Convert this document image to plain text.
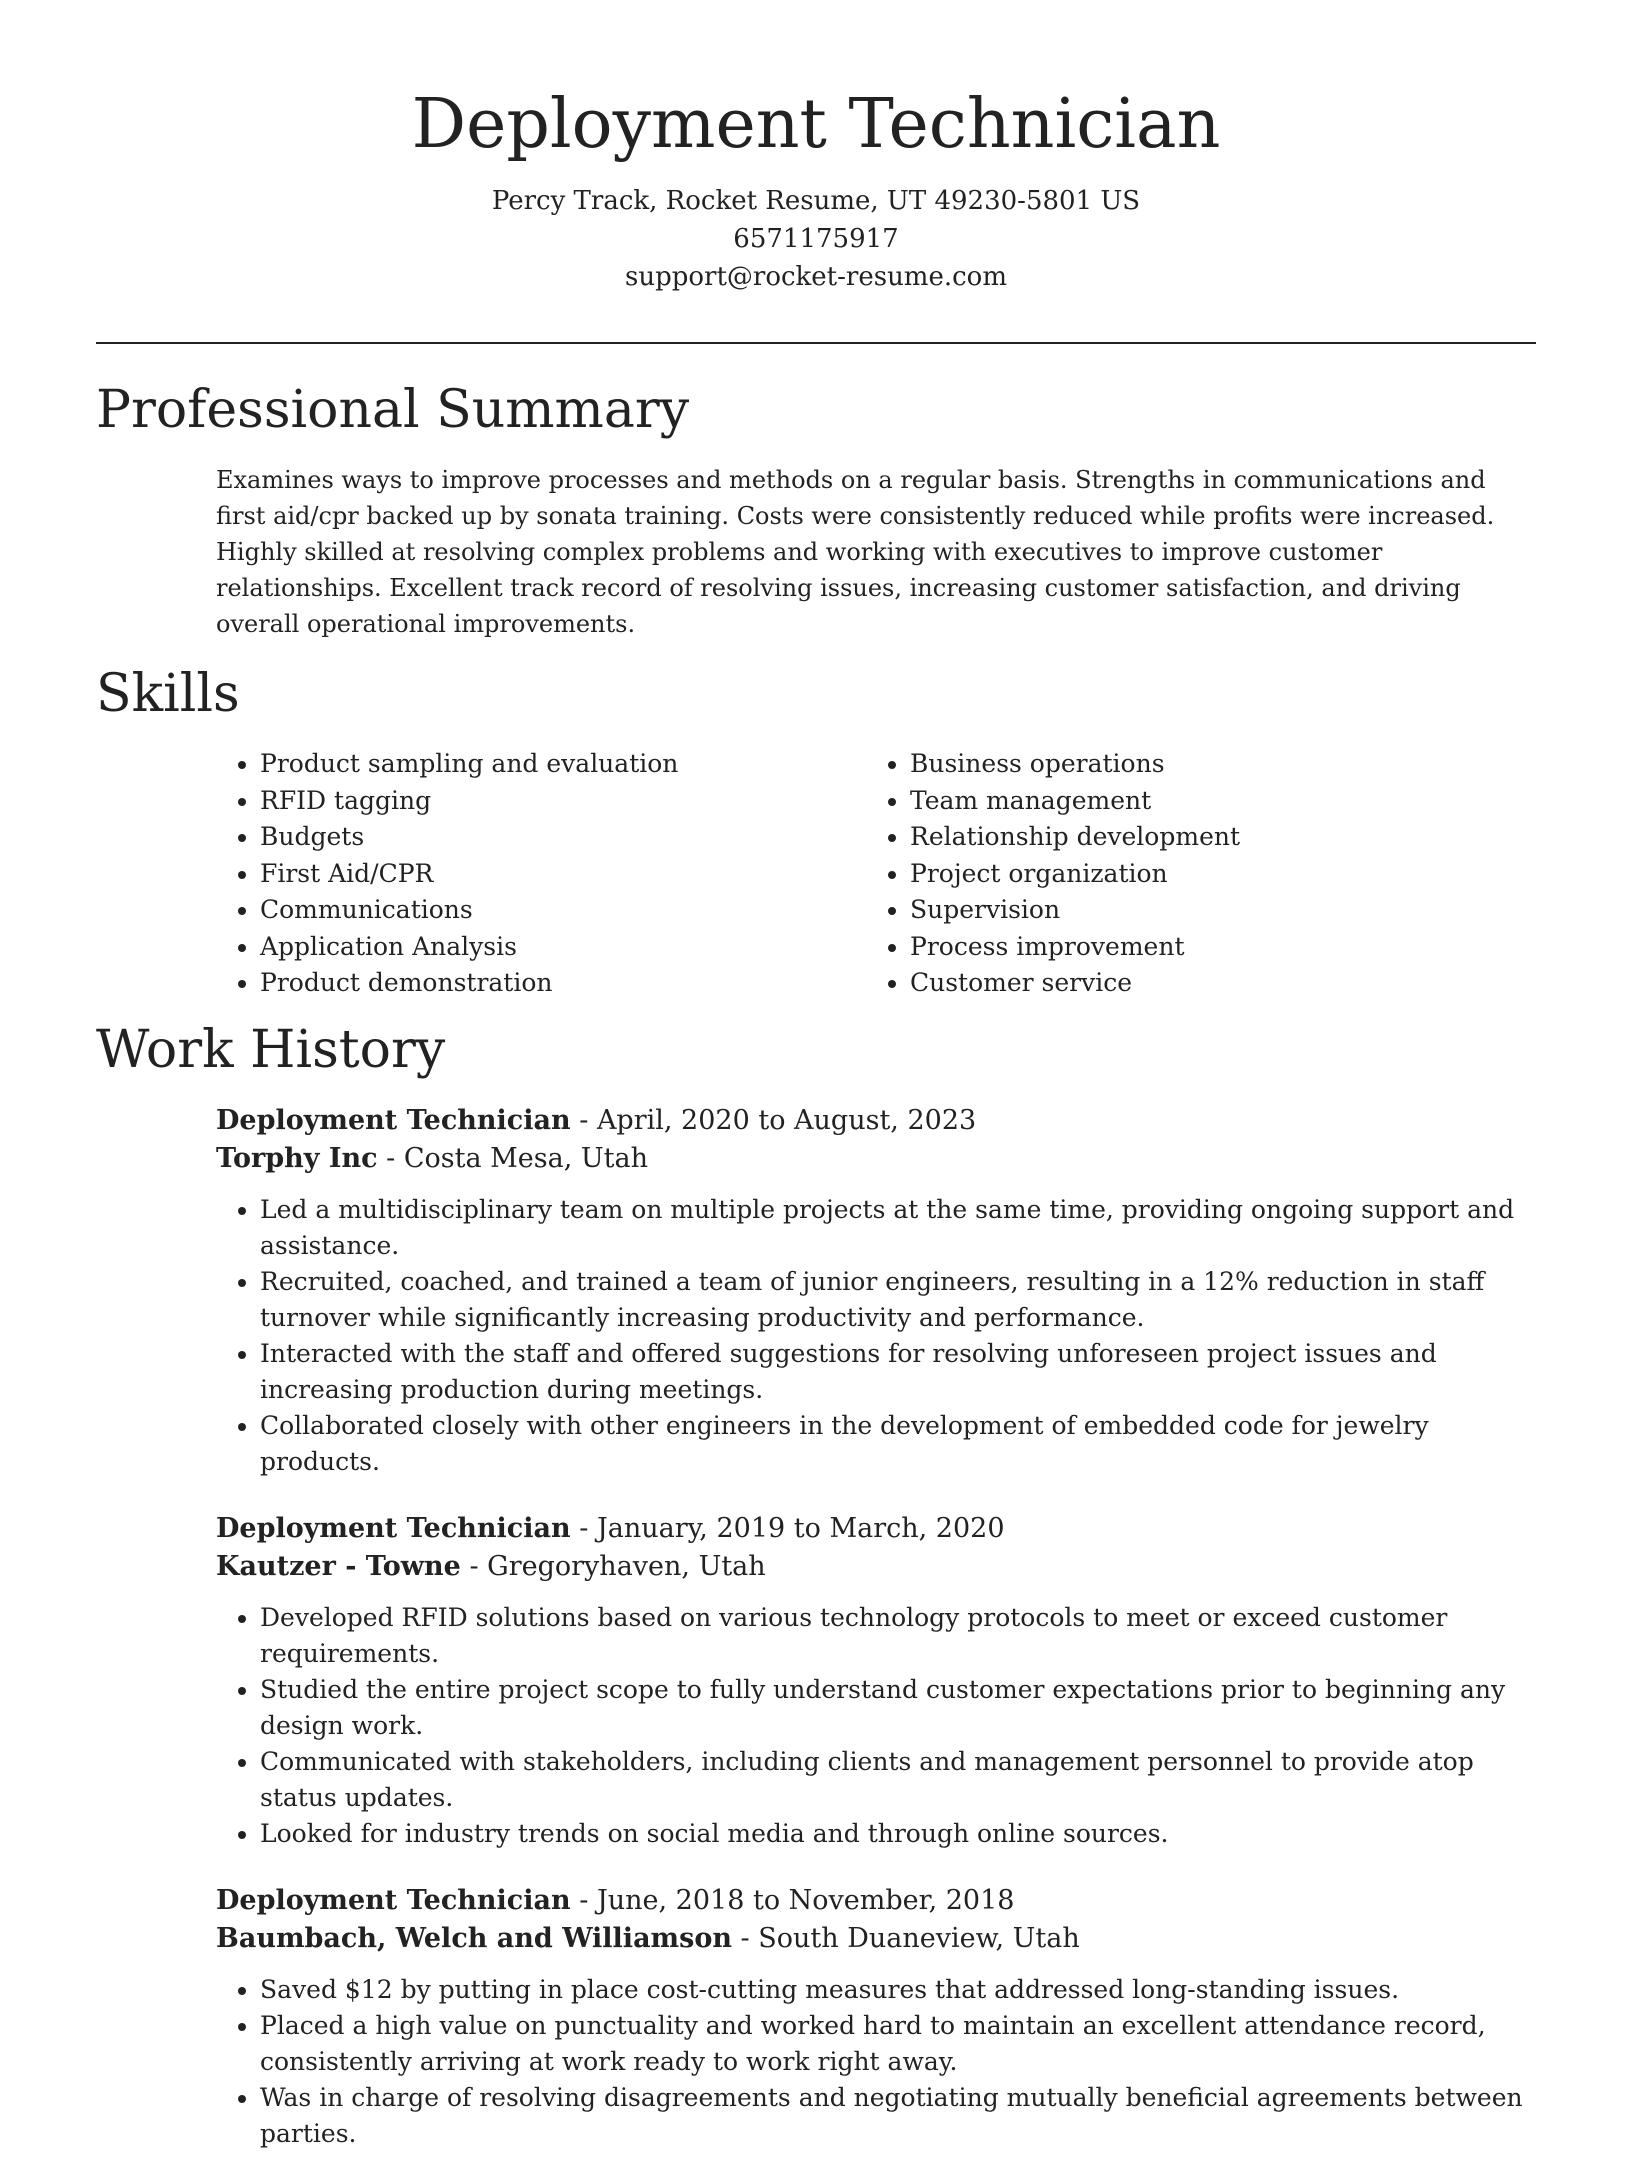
Deployment Technician
Percy Track, Rocket Resume, UT 49230-5801 US
6571175917
support@rocket-resume.com
Professional Summary
Examines ways to improve processes and methods on a regular basis. Strengths in communications and first aid/cpr backed up by sonata training. Costs were consistently reduced while profits were increased. Highly skilled at resolving complex problems and working with executives to improve customer relationships. Excellent track record of resolving issues, increasing customer satisfaction, and driving overall operational improvements.
Skills
• Product sampling and evaluation
• RFID tagging
• Budgets
• First Aid/CPR
• Communications
• Application Analysis
• Product demonstration
• Business operations
• Team management
• Relationship development
• Project organization
• Supervision
• Process improvement
• Customer service
Work History
Deployment Technician - April, 2020 to August, 2023
Torphy Inc - Costa Mesa, Utah
• Led a multidisciplinary team on multiple projects at the same time, providing ongoing support and assistance.
• Recruited, coached, and trained a team of junior engineers, resulting in a 12% reduction in staff turnover while significantly increasing productivity and performance.
• Interacted with the staff and offered suggestions for resolving unforeseen project issues and increasing production during meetings.
• Collaborated closely with other engineers in the development of embedded code for jewelry products.
Deployment Technician - January, 2019 to March, 2020
Kautzer - Towne - Gregoryhaven, Utah
• Developed RFID solutions based on various technology protocols to meet or exceed customer requirements.
• Studied the entire project scope to fully understand customer expectations prior to beginning any design work.
• Communicated with stakeholders, including clients and management personnel to provide atop status updates.
• Looked for industry trends on social media and through online sources.
Deployment Technician - June, 2018 to November, 2018
Baumbach, Welch and Williamson - South Duaneview, Utah
• Saved $12 by putting in place cost-cutting measures that addressed long-standing issues.
• Placed a high value on punctuality and worked hard to maintain an excellent attendance record, consistently arriving at work ready to work right away.
• Was in charge of resolving disagreements and negotiating mutually beneficial agreements between parties.
